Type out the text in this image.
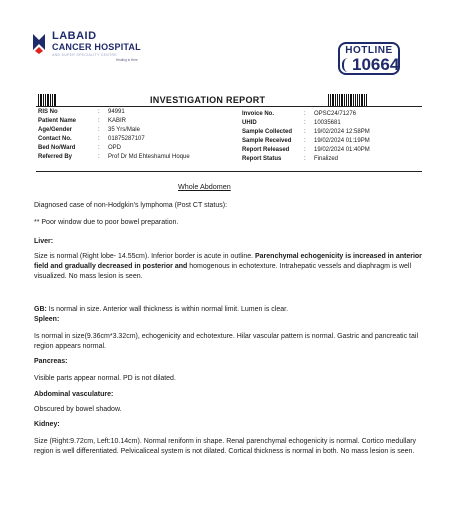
LABAID
CANCER HOSPITAL
AND SUPER SPECIALITY CENTRE
Healing is Here
HOTLINE
10664
INVESTIGATION REPORT
RIS No	:	94991
Patient Name	:	KABIR
Age/Gender	:	35 Yrs/Male
Contact No.	:	01875287107
Bed No/Ward	:	OPD
Referred By	:	Prof Dr Md Ehteshamul Hoque
Invoice No.	:	OPSC24/71276
UHID	:	10035681
Sample Collected	:	19/02/2024 12:58PM
Sample Received	:	19/02/2024 01:19PM
Report Released	:	19/02/2024 01:40PM
Report Status	:	Finalized
Whole Abdomen
Diagnosed case of non-Hodgkin's lymphoma (Post CT status):
** Poor window due to poor bowel preparation.
Liver:
Size is normal (Right lobe- 14.55cm). Inferior border is acute in outline. Parenchymal echogenicity is increased in anterior field and gradually decreased in posterior and homogenous in echotexture. Intrahepatic vessels and diaphragm is well visualized. No mass lesion is seen.
GB: Is normal in size. Anterior wall thickness is within normal limit. Lumen is clear.
Spleen:
Is normal in size(9.36cm*3.32cm), echogenicity and echotexture. Hilar vascular pattern is normal. Gastric and pancreatic tail region appears normal.
Pancreas:
Visible parts appear normal. PD is not dilated.
Abdominal vasculature:
Obscured by bowel shadow.
Kidney:
Size (Right:9.72cm, Left:10.14cm). Normal reniform in shape. Renal parenchymal echogenicity is normal. Cortico medullary region is well differentiated. Pelvicaliceal system is not dilated. Cortical thickness is normal in both. No mass lesion is seen.
